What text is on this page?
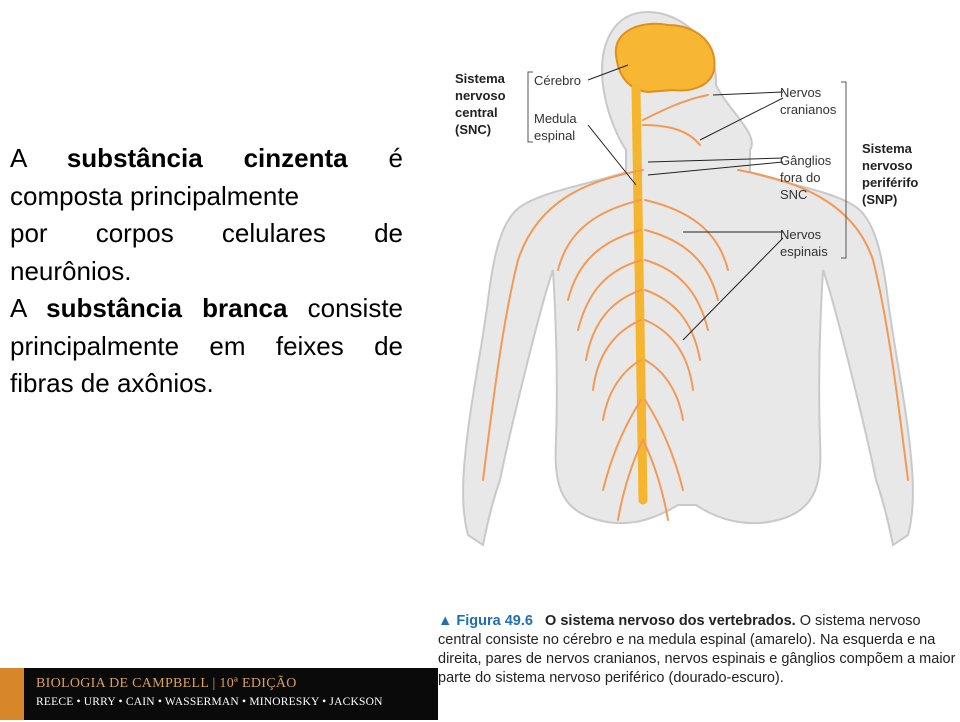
A substância cinzenta é composta principalmente

por corpos celulares de neurônios.

A substância branca consiste principalmente em feixes de fibras de axônios.

Sistema nervoso central (SNC)
Cérebro
Medula espinal
Nervos cranianos
Gânglios fora do SNC
Nervos espinais
Sistema nervoso periférifo (SNP)
▲ Figura 49.6 O sistema nervoso dos vertebrados. O sistema nervoso central consiste no cérebro e na medula espinal (amarelo). Na esquerda e na direita, pares de nervos cranianos, nervos espinais e gânglios compõem a maior parte do sistema nervoso periférico (dourado-escuro).
BIOLOGIA DE CAMPBELL | 10ª EDIÇÃO
REECE • URRY • CAIN • WASSERMAN • MINORESKY • JACKSON
